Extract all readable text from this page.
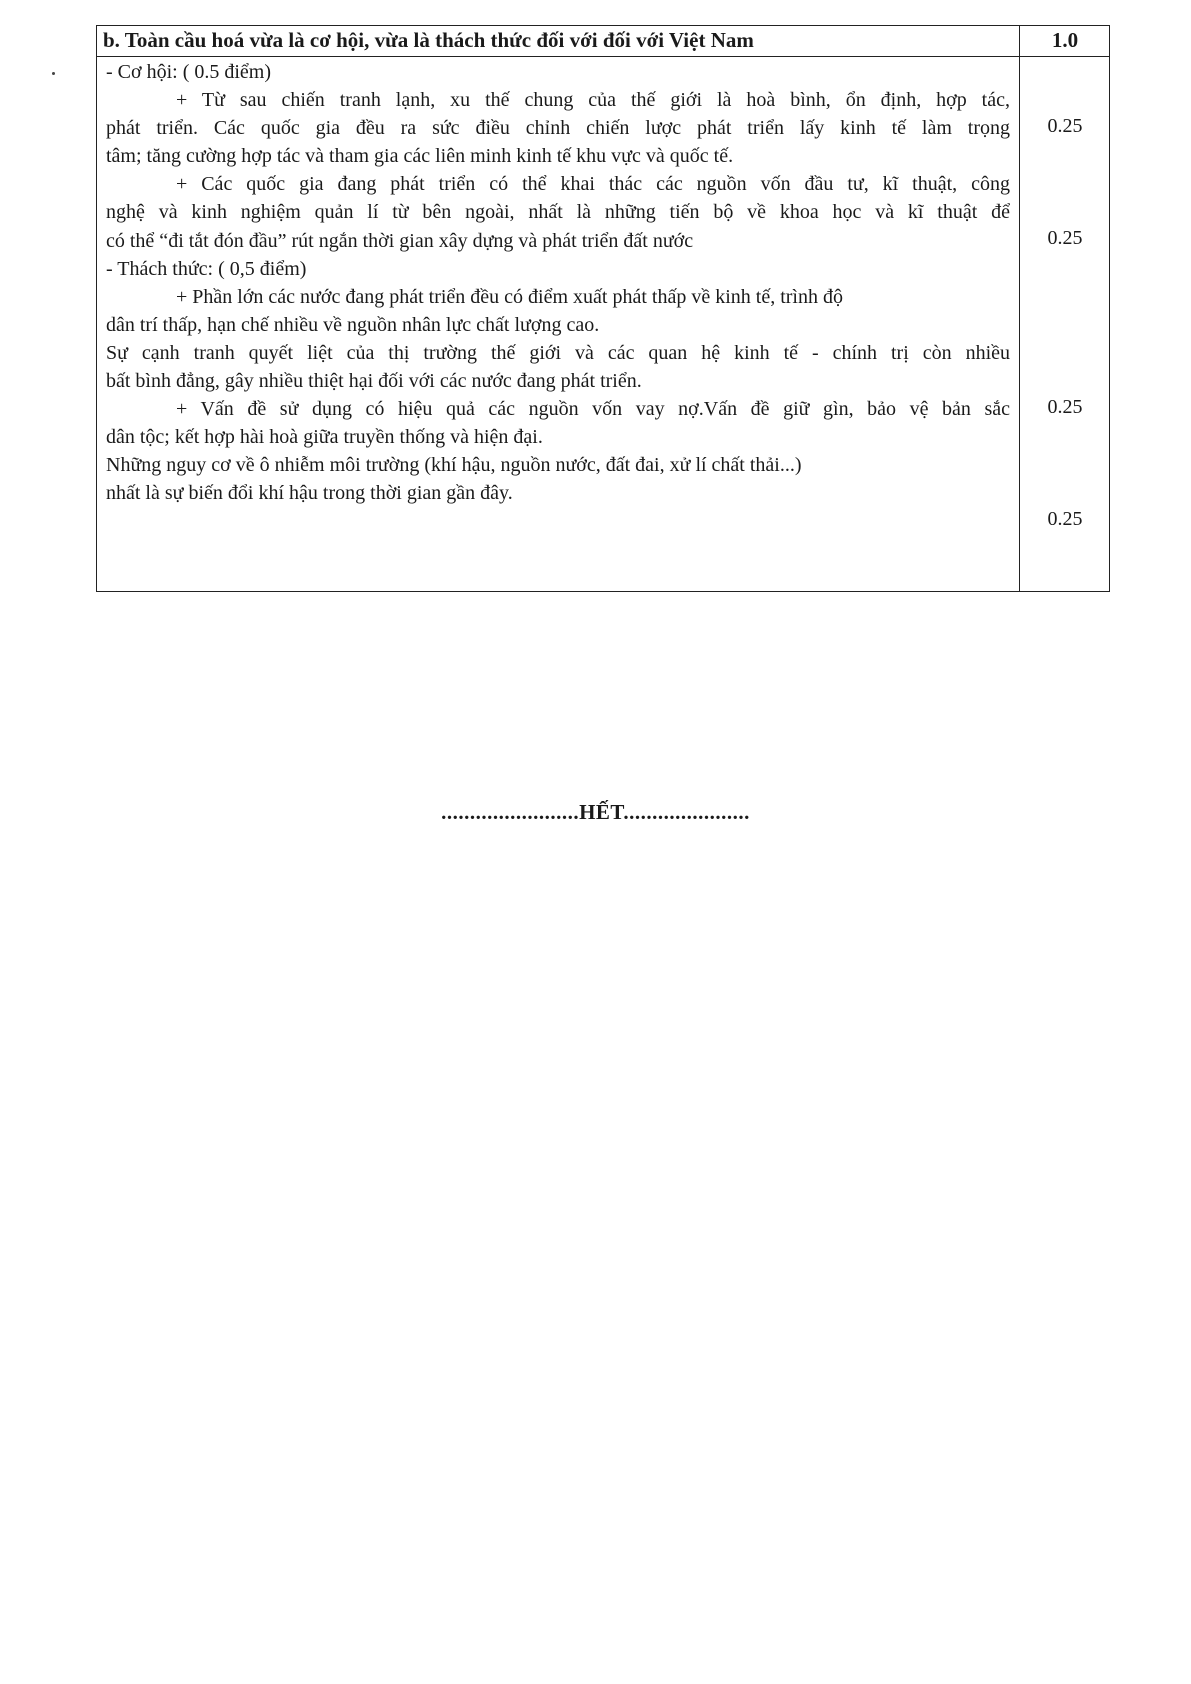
b. Toàn cầu hoá vừa là cơ hội, vừa là thách thức đối với đối với Việt Nam	1.0
- Cơ hội: ( 0.5 điểm)
+ Từ sau chiến tranh lạnh, xu thế chung của thế giới là hoà bình, ổn định, hợp tác,
phát triển. Các quốc gia đều ra sức điều chỉnh chiến lược phát triển lấy kinh tế làm trọng
tâm; tăng cường hợp tác và tham gia các liên minh kinh tế khu vực và quốc tế.
+ Các quốc gia đang phát triển có thể khai thác các nguồn vốn đầu tư, kĩ thuật, công
nghệ và kinh nghiệm quản lí từ bên ngoài, nhất là những tiến bộ về khoa học và kĩ thuật để
có thể “đi tắt đón đầu” rút ngắn thời gian xây dựng và phát triển đất nước
- Thách thức: ( 0,5 điểm)
+ Phần lớn các nước đang phát triển đều có điểm xuất phát thấp về kinh tế, trình độ
dân trí thấp, hạn chế nhiều về nguồn nhân lực chất lượng cao.
Sự cạnh tranh quyết liệt của thị trường thế giới và các quan hệ kinh tế - chính trị còn nhiều
bất bình đẳng, gây nhiều thiệt hại đối với các nước đang phát triển.
+ Vấn đề sử dụng có hiệu quả các nguồn vốn vay nợ.Vấn đề giữ gìn, bảo vệ bản sắc
dân tộc; kết hợp hài hoà giữa truyền thống và hiện đại.
Những nguy cơ về ô nhiễm môi trường (khí hậu, nguồn nước, đất đai, xử lí chất thải...)
nhất là sự biến đổi khí hậu trong thời gian gần đây.
0.25
0.25
0.25
0.25
........................HẾT......................
